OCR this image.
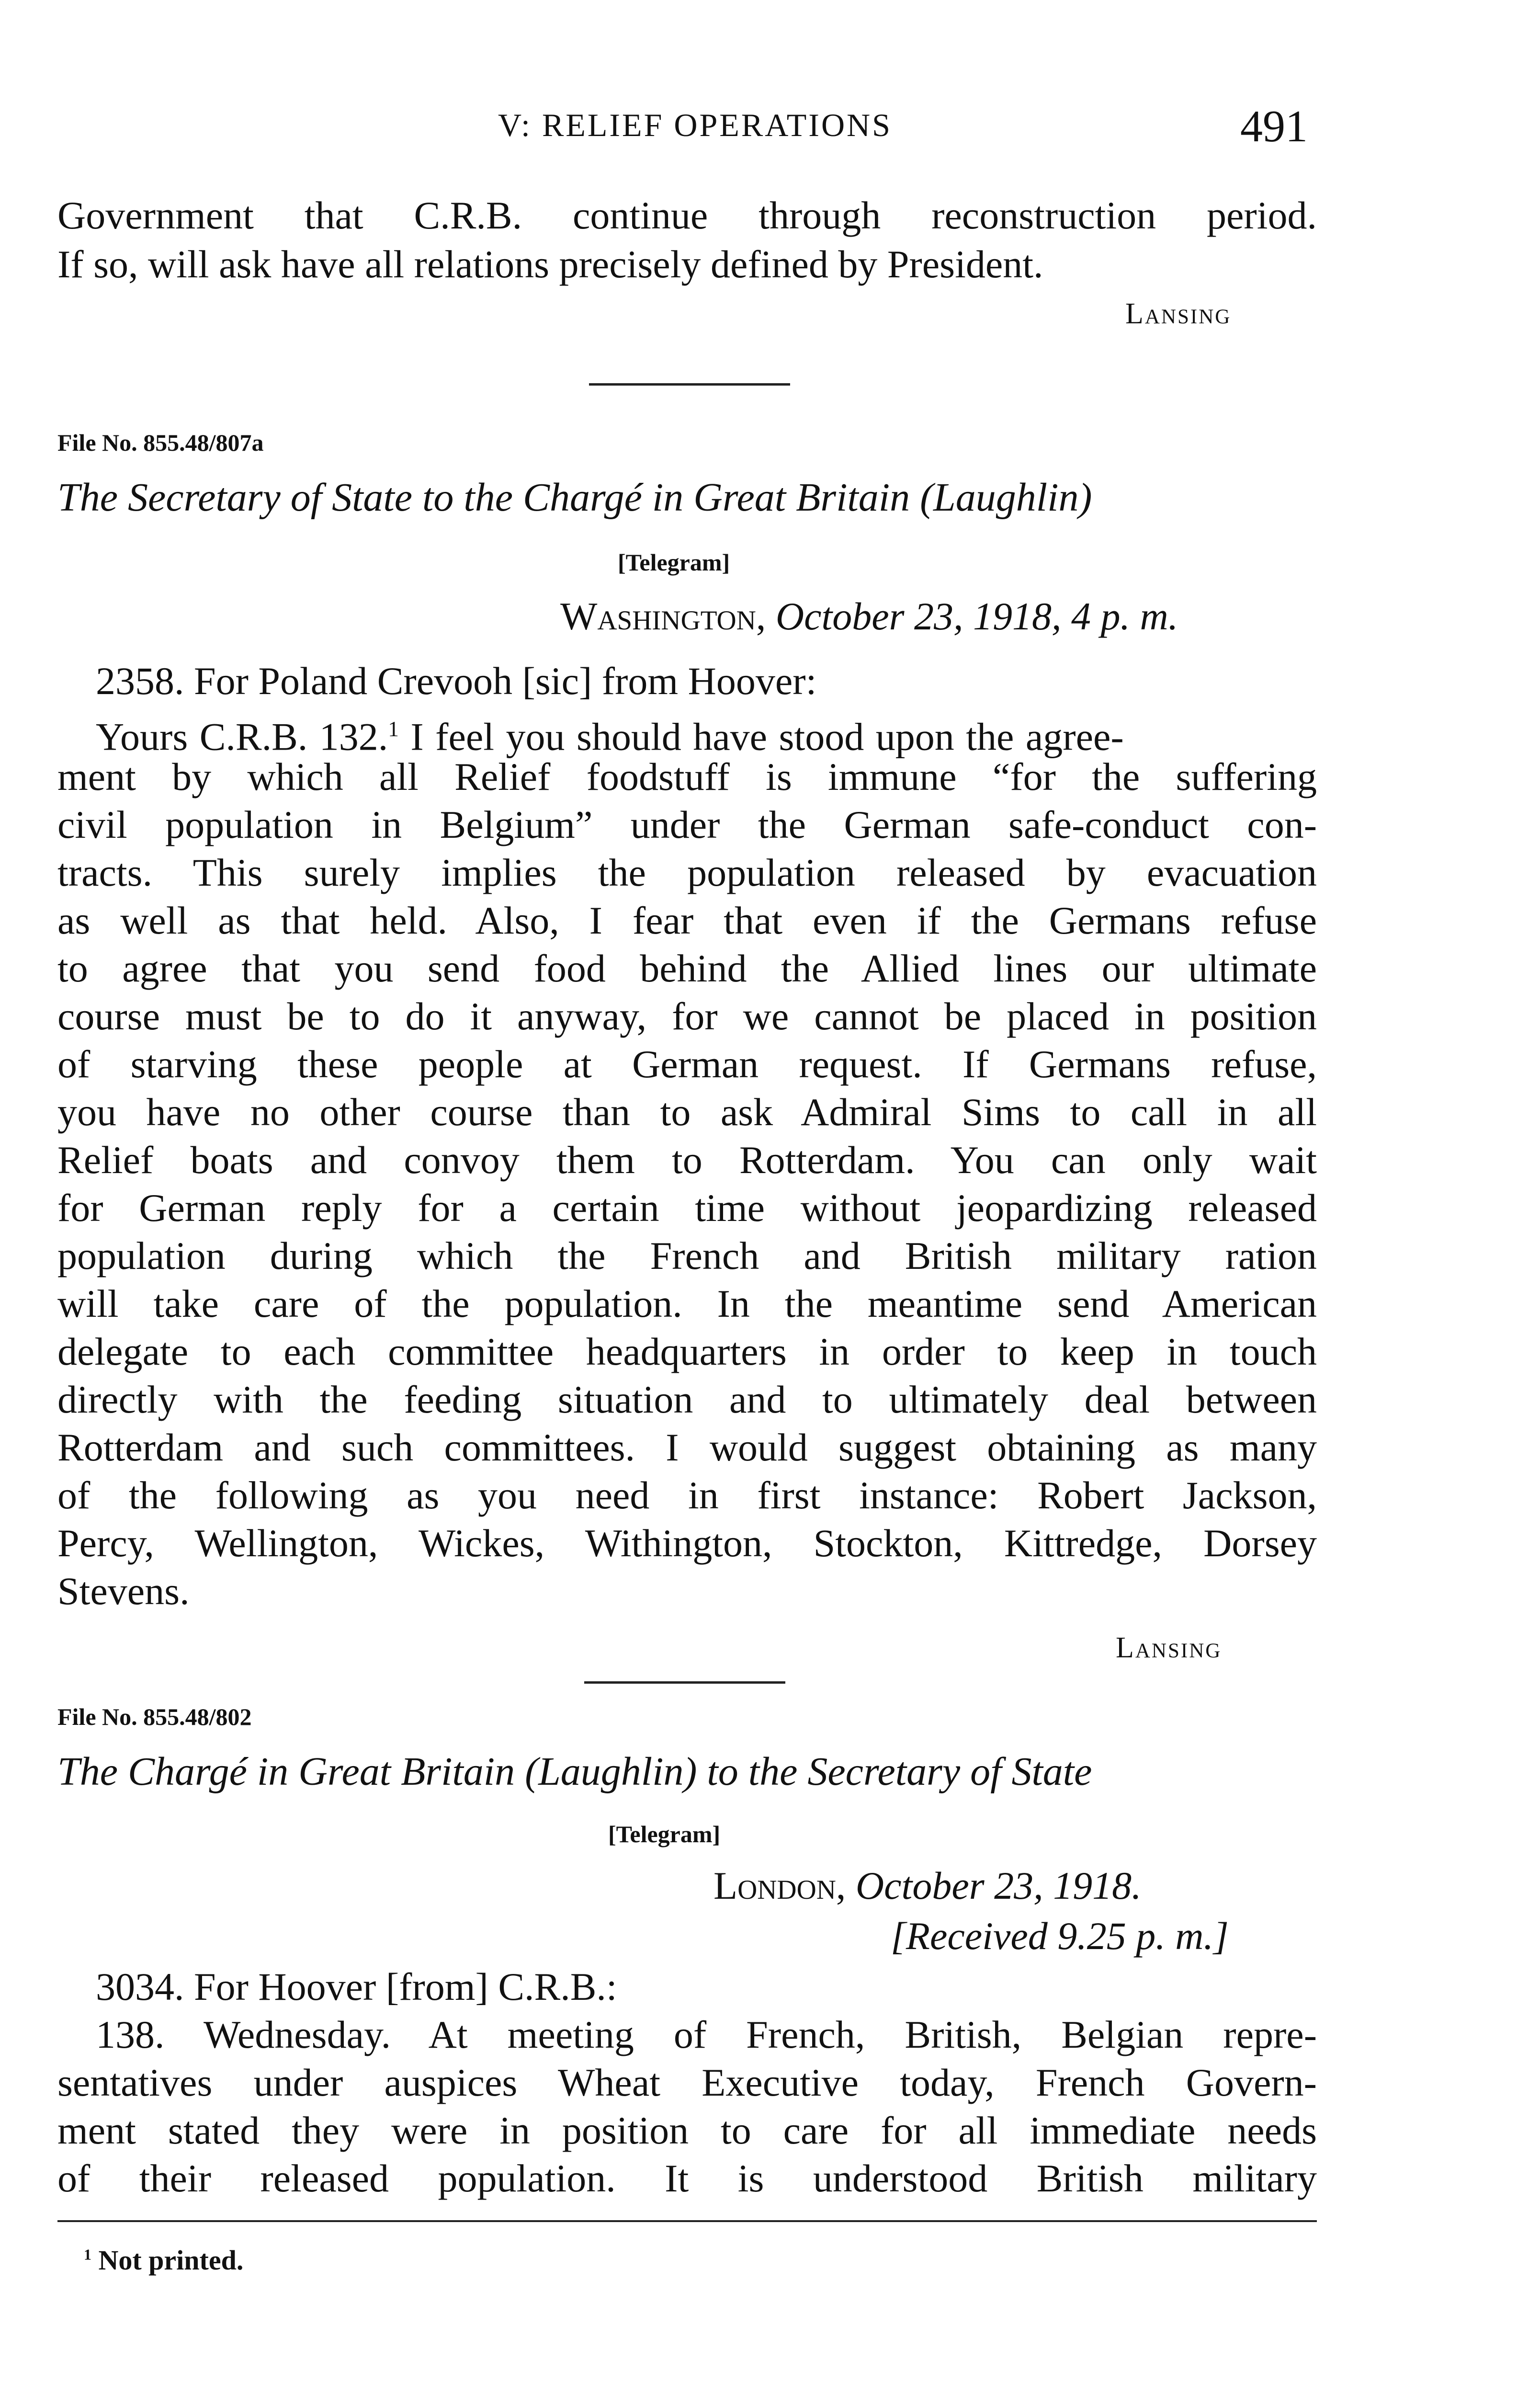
V: RELIEF OPERATIONS	491
Government that C.R.B. continue through reconstruction period.
If so, will ask have all relations precisely defined by President.
Lansing
File No. 855.48/807a
The Secretary of State to the Chargé in Great Britain (Laughlin)
[Telegram]
Washington, October 23, 1918, 4 p. m.
2358. For Poland Crevooh [sic] from Hoover:
Yours C.R.B. 132.$^1$ I feel you should have stood upon the agree-
ment by which all Relief foodstuff is immune “for the suffering
civil population in Belgium” under the German safe-conduct con-
tracts. This surely implies the population released by evacuation
as well as that held. Also, I fear that even if the Germans refuse
to agree that you send food behind the Allied lines our ultimate
course must be to do it anyway, for we cannot be placed in position
of starving these people at German request. If Germans refuse,
you have no other course than to ask Admiral Sims to call in all
Relief boats and convoy them to Rotterdam. You can only wait
for German reply for a certain time without jeopardizing released
population during which the French and British military ration
will take care of the population. In the meantime send American
delegate to each committee headquarters in order to keep in touch
directly with the feeding situation and to ultimately deal between
Rotterdam and such committees. I would suggest obtaining as many
of the following as you need in first instance: Robert Jackson,
Percy, Wellington, Wickes, Withington, Stockton, Kittredge, Dorsey
Stevens.
Lansing
File No. 855.48/802
The Chargé in Great Britain (Laughlin) to the Secretary of State
[Telegram]
London, October 23, 1918.
[Received 9.25 p. m.]
3034. For Hoover [from] C.R.B.:
138. Wednesday. At meeting of French, British, Belgian repre-
sentatives under auspices Wheat Executive today, French Govern-
ment stated they were in position to care for all immediate needs
of their released population. It is understood British military
$^1$ Not printed.
